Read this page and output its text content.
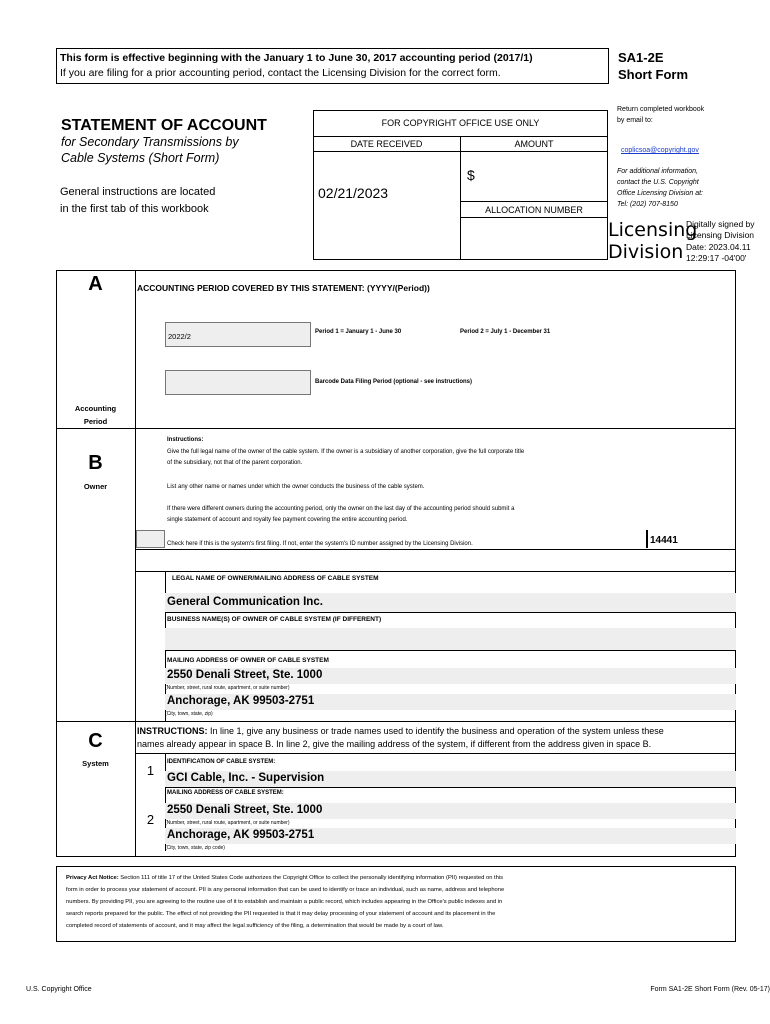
This form is effective beginning with the January 1 to June 30, 2017 accounting period (2017/1)
If you are filing for a prior accounting period, contact the Licensing Division for the correct form.
SA1-2E
Short Form
STATEMENT OF ACCOUNT
for Secondary Transmissions by
Cable Systems (Short Form)
General instructions are located
in the first tab of this workbook
FOR COPYRIGHT OFFICE USE ONLY
DATE RECEIVED	AMOUNT
02/21/2023
$
ALLOCATION NUMBER
Return completed workbook
by email to:
coplicsoa@copyright.gov
For additional information,
contact the U.S. Copyright
Office Licensing Division at:
Tel: (202) 707-8150
Licensing
Division
Digitally signed by
Licensing Division
Date: 2023.04.11
12:29:17 -04'00'
A
Accounting
Period
ACCOUNTING PERIOD COVERED BY THIS STATEMENT: (YYYY/(Period))
2022/2	Period 1 = January 1 - June 30	Period 2 = July 1 - December 31
Barcode Data Filing Period (optional - see instructions)
B
Owner
Instructions:
Give the full legal name of the owner of the cable system. If the owner is a subsidiary of another corporation, give the full corporate title
of the subsidiary, not that of the parent corporation.
List any other name or names under which the owner conducts the business of the cable system.
If there were different owners during the accounting period, only the owner on the last day of the accounting period should submit a
single statement of account and royalty fee payment covering the entire accounting period.
Check here if this is the system's first filing. If not, enter the system's ID number assigned by the Licensing Division.	14441
LEGAL NAME OF OWNER/MAILING ADDRESS OF CABLE SYSTEM
General Communication Inc.
BUSINESS NAME(S) OF OWNER OF CABLE SYSTEM (IF DIFFERENT)
MAILING ADDRESS OF OWNER OF CABLE SYSTEM
2550 Denali Street, Ste. 1000
(Number, street, rural route, apartment, or suite number)
Anchorage, AK 99503-2751
(City, town, state, zip)
C
System
INSTRUCTIONS: In line 1, give any business or trade names used to identify the business and operation of the system unless these
names already appear in space B. In line 2, give the mailing address of the system, if different from the address given in space B.
1
IDENTIFICATION OF CABLE SYSTEM:
GCI Cable, Inc. - Supervision
MAILING ADDRESS OF CABLE SYSTEM:
2
2550 Denali Street, Ste. 1000
(Number, street, rural route, apartment, or suite number)
Anchorage, AK 99503-2751
(City, town, state, zip code)
Privacy Act Notice: Section 111 of title 17 of the United States Code authorizes the Copyright Office to collect the personally identifying information (PII) requested on this
form in order to process your statement of account. PII is any personal information that can be used to identify or trace an individual, such as name, address and telephone
numbers. By providing PII, you are agreeing to the routine use of it to establish and maintain a public record, which includes appearing in the Office's public indexes and in
search reports prepared for the public. The effect of not providing the PII requested is that it may delay processing of your statement of account and its placement in the
completed record of statements of account, and it may affect the legal sufficiency of the filing, a determination that would be made by a court of law.
U.S. Copyright Office	Form SA1-2E Short Form (Rev. 05-17)
